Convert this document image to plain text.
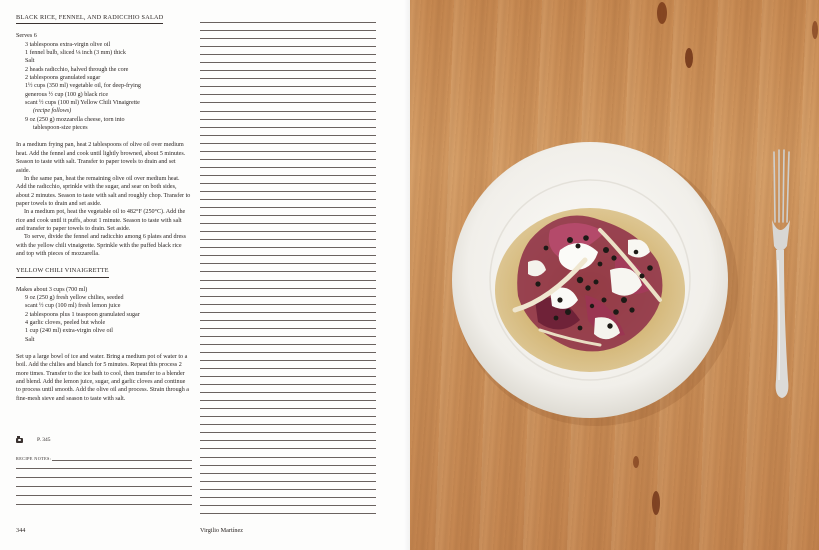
BLACK RICE, FENNEL, AND RADICCHIO SALAD

Serves 6

3 tablespoons extra-virgin olive oil
1 fennel bulb, sliced ⅛ inch (3 mm) thick
Salt
2 heads radicchio, halved through the core
2 tablespoons granulated sugar
1½ cups (350 ml) vegetable oil, for deep-frying
generous ½ cup (100 g) black rice
scant ½ cups (100 ml) Yellow Chili Vinaigrette
(recipe follows)
9 oz (250 g) mozzarella cheese, torn into
tablespoon-size pieces

In a medium frying pan, heat 2 tablespoons of olive oil over medium heat. Add the fennel and cook until lightly browned, about 5 minutes. Season to taste with salt. Transfer to paper towels to drain and set aside.

In the same pan, heat the remaining olive oil over medium heat. Add the radicchio, sprinkle with the sugar, and sear on both sides, about 2 minutes. Season to taste with salt and roughly chop. Transfer to paper towels to drain and set aside.

In a medium pot, heat the vegetable oil to 482°F (250°C). Add the rice and cook until it puffs, about 1 minute. Season to taste with salt and transfer to paper towels to drain. Set aside.

To serve, divide the fennel and radicchio among 6 plates and dress with the yellow chili vinaigrette. Sprinkle with the puffed black rice and top with pieces of mozzarella.

YELLOW CHILI VINAIGRETTE

Makes about 3 cups (700 ml)

9 oz (250 g) fresh yellow chilies, seeded
scant ½ cup (100 ml) fresh lemon juice
2 tablespoons plus 1 teaspoon granulated sugar
4 garlic cloves, peeled but whole
1 cup (240 ml) extra-virgin olive oil
Salt

Set up a large bowl of ice and water. Bring a medium pot of water to a boil. Add the chilies and blanch for 5 minutes. Repeat this process 2 more times. Transfer to the ice bath to cool, then transfer to a blender and blend. Add the lemon juice, sugar, and garlic cloves and continue to process until smooth. Add the olive oil and process. Strain through a fine-mesh sieve and season to taste with salt.

P. 345
RECIPE NOTES:
344	Virgilio Martínez
